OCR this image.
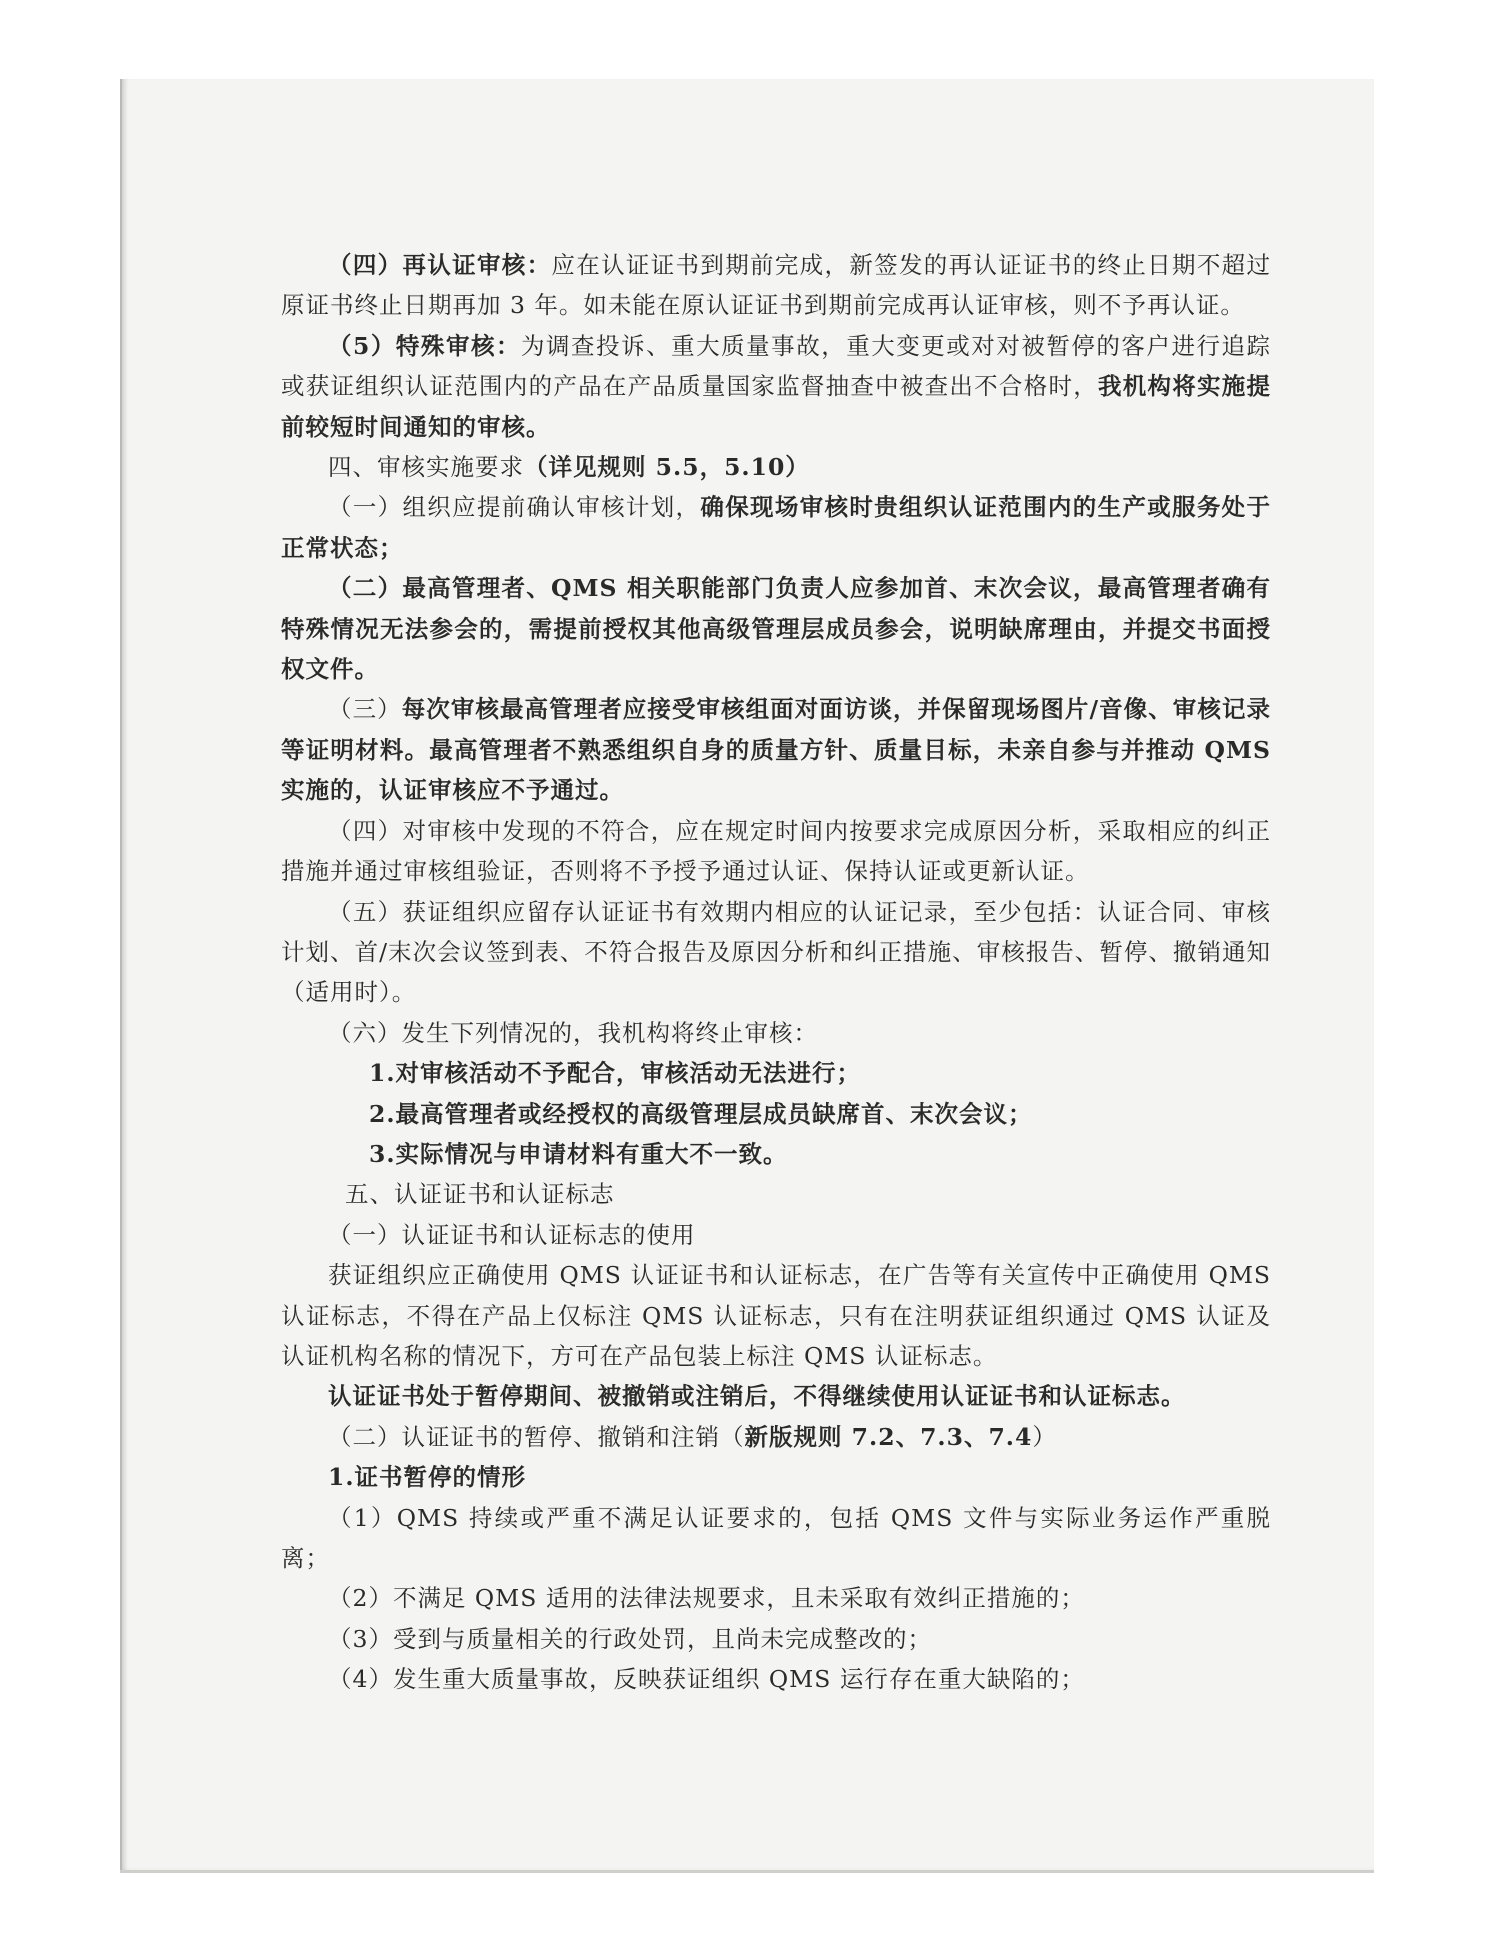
（四）再认证审核：应在认证证书到期前完成，新签发的再认证证书的终止日期不超过原证书终止日期再加 3 年。如未能在原认证证书到期前完成再认证审核，则不予再认证。

（5）特殊审核：为调查投诉、重大质量事故，重大变更或对对被暂停的客户进行追踪或获证组织认证范围内的产品在产品质量国家监督抽查中被查出不合格时，我机构将实施提前较短时间通知的审核。

四、审核实施要求（详见规则 5.5，5.10）

（一）组织应提前确认审核计划，确保现场审核时贵组织认证范围内的生产或服务处于正常状态；

（二）最高管理者、QMS 相关职能部门负责人应参加首、末次会议，最高管理者确有特殊情况无法参会的，需提前授权其他高级管理层成员参会，说明缺席理由，并提交书面授权文件。

（三）每次审核最高管理者应接受审核组面对面访谈，并保留现场图片/音像、审核记录等证明材料。最高管理者不熟悉组织自身的质量方针、质量目标，未亲自参与并推动 QMS 实施的，认证审核应不予通过。

（四）对审核中发现的不符合，应在规定时间内按要求完成原因分析，采取相应的纠正措施并通过审核组验证，否则将不予授予通过认证、保持认证或更新认证。

（五）获证组织应留存认证证书有效期内相应的认证记录，至少包括：认证合同、审核计划、首/末次会议签到表、不符合报告及原因分析和纠正措施、审核报告、暂停、撤销通知（适用时）。

（六）发生下列情况的，我机构将终止审核：

1.对审核活动不予配合，审核活动无法进行；

2.最高管理者或经授权的高级管理层成员缺席首、末次会议；

3.实际情况与申请材料有重大不一致。

五、认证证书和认证标志

（一）认证证书和认证标志的使用

获证组织应正确使用 QMS 认证证书和认证标志，在广告等有关宣传中正确使用 QMS 认证标志，不得在产品上仅标注 QMS 认证标志，只有在注明获证组织通过 QMS 认证及认证机构名称的情况下，方可在产品包装上标注 QMS 认证标志。

认证证书处于暂停期间、被撤销或注销后，不得继续使用认证证书和认证标志。

（二）认证证书的暂停、撤销和注销（新版规则 7.2、7.3、7.4）

1.证书暂停的情形

（1）QMS 持续或严重不满足认证要求的，包括 QMS 文件与实际业务运作严重脱离；

（2）不满足 QMS 适用的法律法规要求，且未采取有效纠正措施的；

（3）受到与质量相关的行政处罚，且尚未完成整改的；

（4）发生重大质量事故，反映获证组织 QMS 运行存在重大缺陷的；
